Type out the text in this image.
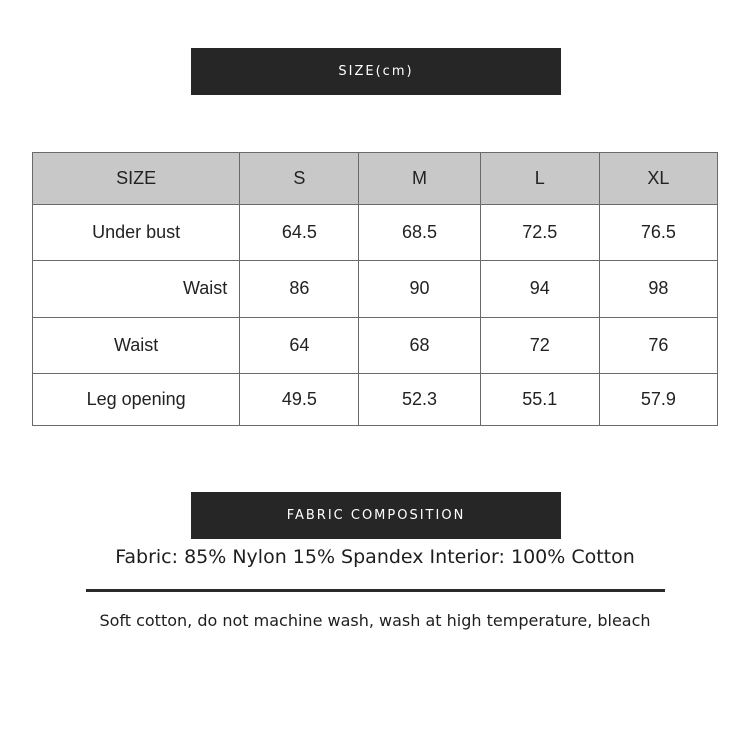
SIZE(cm)
SIZE	S	M	L	XL
Under bust	64.5	68.5	72.5	76.5
Waist	86	90	94	98
Waist	64	68	72	76
Leg opening	49.5	52.3	55.1	57.9
FABRIC COMPOSITION
Fabric: 85% Nylon 15% Spandex Interior: 100% Cotton
Soft cotton, do not machine wash, wash at high temperature, bleach
